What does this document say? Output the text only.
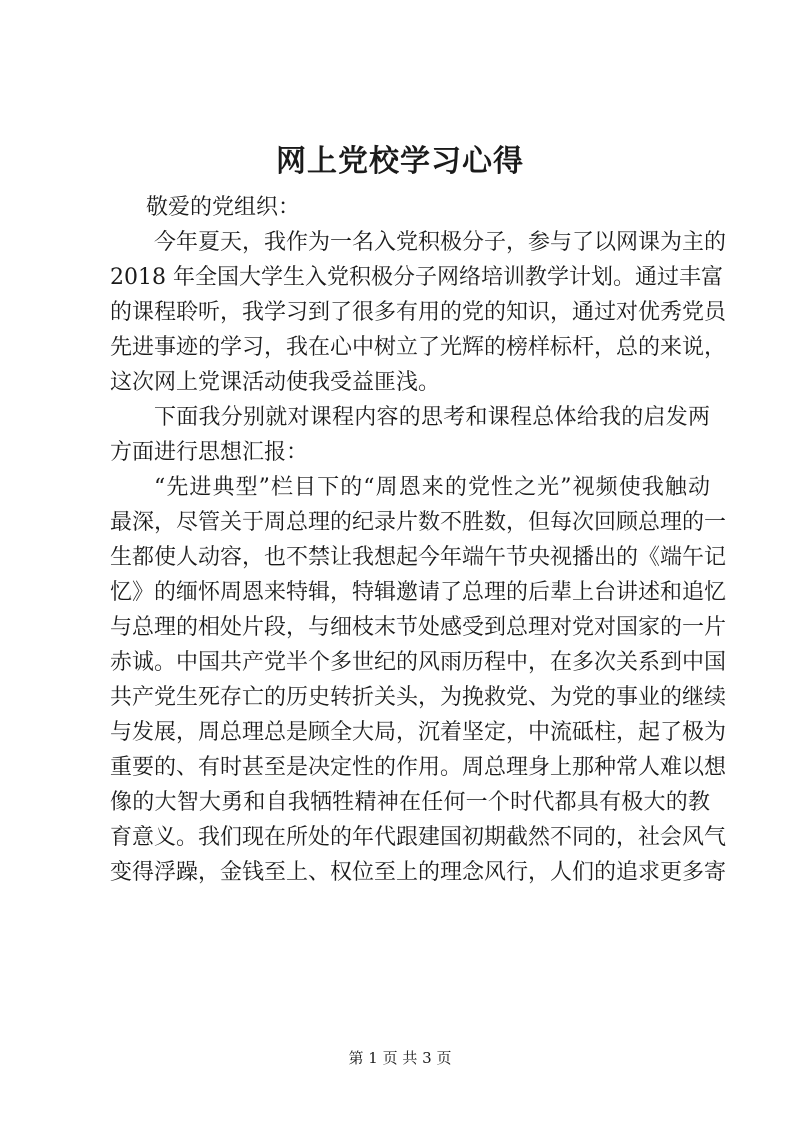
网上党校学习心得
敬爱的党组织：
今年夏天，我作为一名入党积极分子，参与了以网课为主的
2018 年全国大学生入党积极分子网络培训教学计划。通过丰富
的课程聆听，我学习到了很多有用的党的知识，通过对优秀党员
先进事迹的学习，我在心中树立了光辉的榜样标杆，总的来说，
这次网上党课活动使我受益匪浅。
下面我分别就对课程内容的思考和课程总体给我的启发两
方面进行思想汇报：
“先进典型”栏目下的“周恩来的党性之光”视频使我触动
最深，尽管关于周总理的纪录片数不胜数，但每次回顾总理的一
生都使人动容，也不禁让我想起今年端午节央视播出的《端午记
忆》的缅怀周恩来特辑，特辑邀请了总理的后辈上台讲述和追忆
与总理的相处片段，与细枝末节处感受到总理对党对国家的一片
赤诚。中国共产党半个多世纪的风雨历程中，在多次关系到中国
共产党生死存亡的历史转折关头，为挽救党、为党的事业的继续
与发展，周总理总是顾全大局，沉着坚定，中流砥柱，起了极为
重要的、有时甚至是决定性的作用。周总理身上那种常人难以想
像的大智大勇和自我牺牲精神在任何一个时代都具有极大的教
育意义。我们现在所处的年代跟建国初期截然不同的，社会风气
变得浮躁，金钱至上、权位至上的理念风行，人们的追求更多寄
第 1 页 共 3 页
